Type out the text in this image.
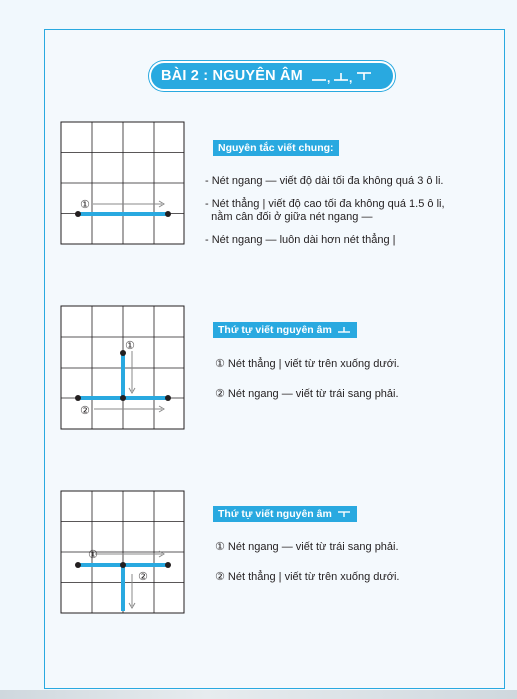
BÀI 2 : NGUYÊN ÂM , ,
①
Nguyên tắc viết chung:
- Nét ngang — viết độ dài tối đa không quá 3 ô li.
- Nét thẳng | viết độ cao tối đa không quá 1.5 ô li,
nằm cân đối ở giữa nét ngang —
- Nét ngang — luôn dài hơn nét thẳng |
①
②
Thứ tự viết nguyên âm
① Nét thẳng | viết từ trên xuống dưới.
② Nét ngang — viết từ trái sang phải.
①
②
Thứ tự viết nguyên âm
① Nét ngang — viết từ trái sang phải.
② Nét thẳng | viết từ trên xuống dưới.
